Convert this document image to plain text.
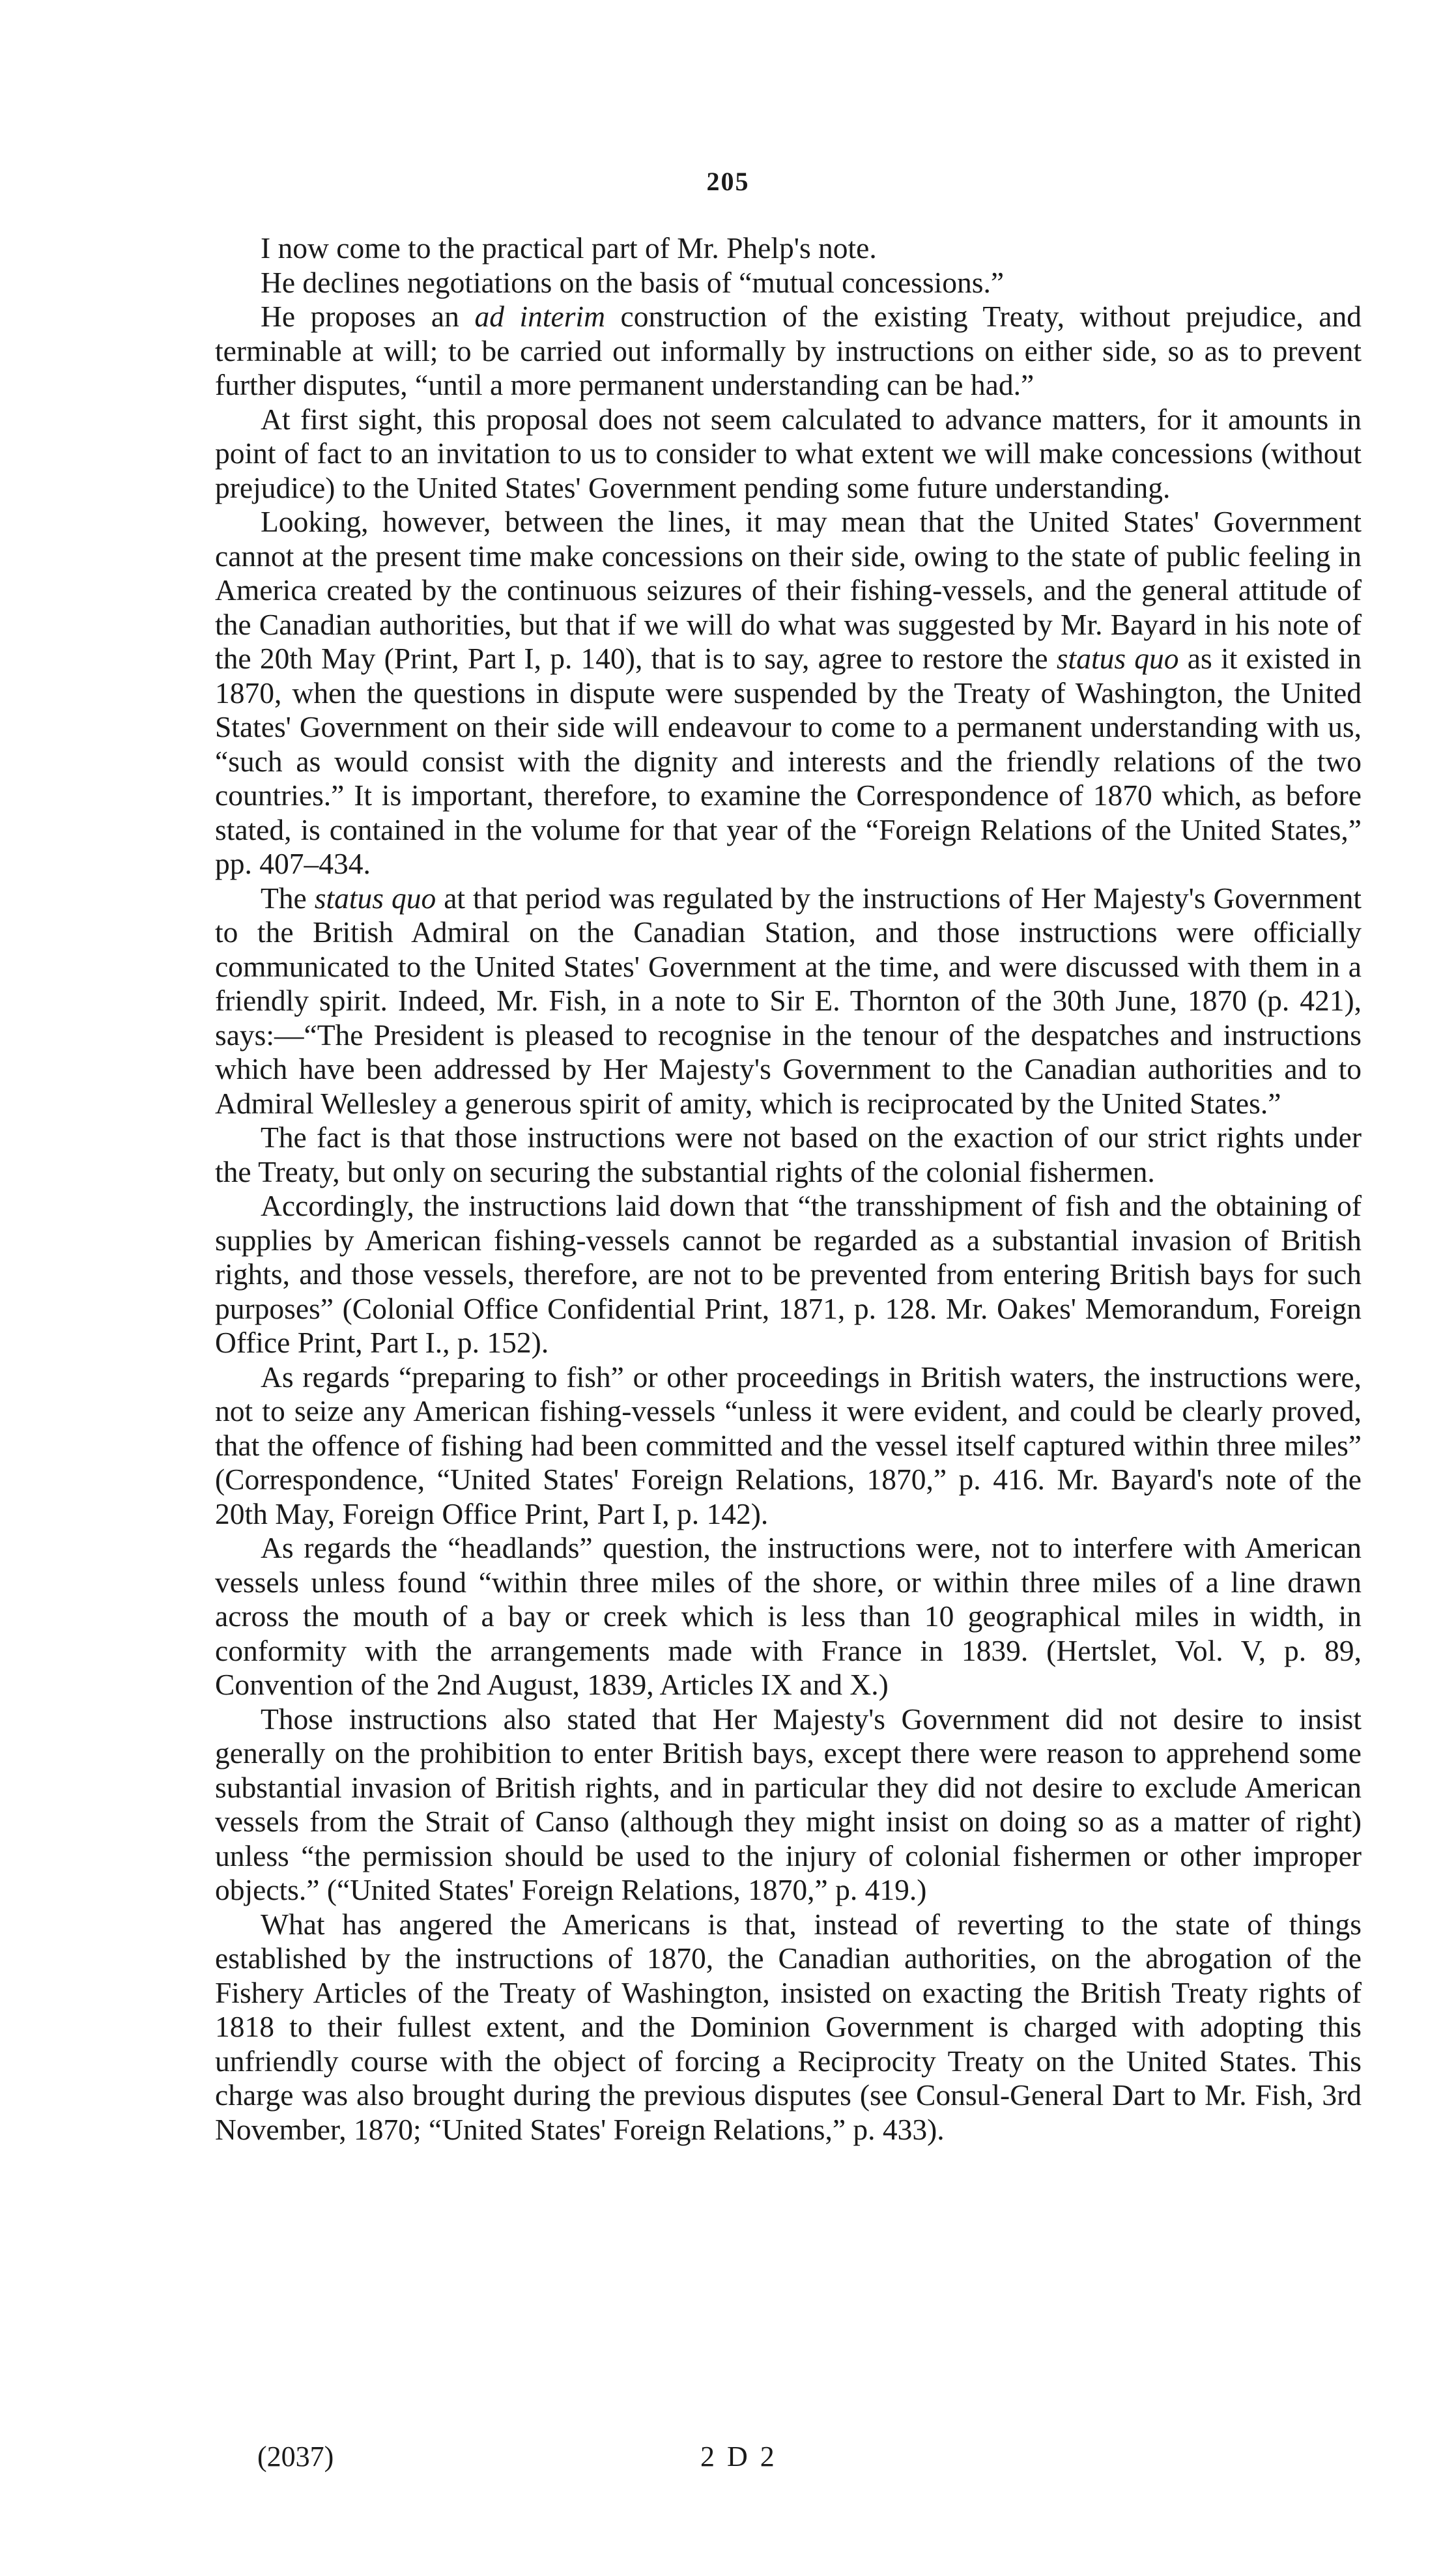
205

I now come to the practical part of Mr. Phelp's note.

He declines negotiations on the basis of “mutual concessions.”

He proposes an ad interim construction of the existing Treaty, without prejudice, and terminable at will; to be carried out informally by instructions on either side, so as to prevent further disputes, “until a more permanent understanding can be had.”

At first sight, this proposal does not seem calculated to advance matters, for it amounts in point of fact to an invitation to us to consider to what extent we will make concessions (without prejudice) to the United States' Government pending some future understanding.

Looking, however, between the lines, it may mean that the United States' Government cannot at the present time make concessions on their side, owing to the state of public feeling in America created by the continuous seizures of their fishing-vessels, and the general attitude of the Canadian authorities, but that if we will do what was suggested by Mr. Bayard in his note of the 20th May (Print, Part I, p. 140), that is to say, agree to restore the status quo as it existed in 1870, when the questions in dispute were suspended by the Treaty of Washington, the United States' Government on their side will endeavour to come to a permanent understanding with us, “such as would consist with the dignity and interests and the friendly relations of the two countries.” It is important, therefore, to examine the Correspondence of 1870 which, as before stated, is contained in the volume for that year of the “Foreign Relations of the United States,” pp. 407–434.

The status quo at that period was regulated by the instructions of Her Majesty's Government to the British Admiral on the Canadian Station, and those instructions were officially communicated to the United States' Government at the time, and were discussed with them in a friendly spirit. Indeed, Mr. Fish, in a note to Sir E. Thornton of the 30th June, 1870 (p. 421), says:—“The President is pleased to recognise in the tenour of the despatches and instructions which have been addressed by Her Majesty's Government to the Canadian authorities and to Admiral Wellesley a generous spirit of amity, which is reciprocated by the United States.”

The fact is that those instructions were not based on the exaction of our strict rights under the Treaty, but only on securing the substantial rights of the colonial fishermen.

Accordingly, the instructions laid down that “the transshipment of fish and the obtaining of supplies by American fishing-vessels cannot be regarded as a substantial invasion of British rights, and those vessels, therefore, are not to be prevented from entering British bays for such purposes” (Colonial Office Confidential Print, 1871, p. 128. Mr. Oakes' Memorandum, Foreign Office Print, Part I., p. 152).

As regards “preparing to fish” or other proceedings in British waters, the instructions were, not to seize any American fishing-vessels “unless it were evident, and could be clearly proved, that the offence of fishing had been committed and the vessel itself captured within three miles” (Correspondence, “United States' Foreign Relations, 1870,” p. 416. Mr. Bayard's note of the 20th May, Foreign Office Print, Part I, p. 142).

As regards the “headlands” question, the instructions were, not to interfere with American vessels unless found “within three miles of the shore, or within three miles of a line drawn across the mouth of a bay or creek which is less than 10 geographical miles in width, in conformity with the arrangements made with France in 1839. (Hertslet, Vol. V, p. 89, Convention of the 2nd August, 1839, Articles IX and X.)

Those instructions also stated that Her Majesty's Government did not desire to insist generally on the prohibition to enter British bays, except there were reason to apprehend some substantial invasion of British rights, and in particular they did not desire to exclude American vessels from the Strait of Canso (although they might insist on doing so as a matter of right) unless “the permission should be used to the injury of colonial fishermen or other improper objects.” (“United States' Foreign Relations, 1870,” p. 419.)

What has angered the Americans is that, instead of reverting to the state of things established by the instructions of 1870, the Canadian authorities, on the abrogation of the Fishery Articles of the Treaty of Washington, insisted on exacting the British Treaty rights of 1818 to their fullest extent, and the Dominion Government is charged with adopting this unfriendly course with the object of forcing a Reciprocity Treaty on the United States. This charge was also brought during the previous disputes (see Consul-General Dart to Mr. Fish, 3rd November, 1870; “United States' Foreign Relations,” p. 433).

(2037)	2 D 2
